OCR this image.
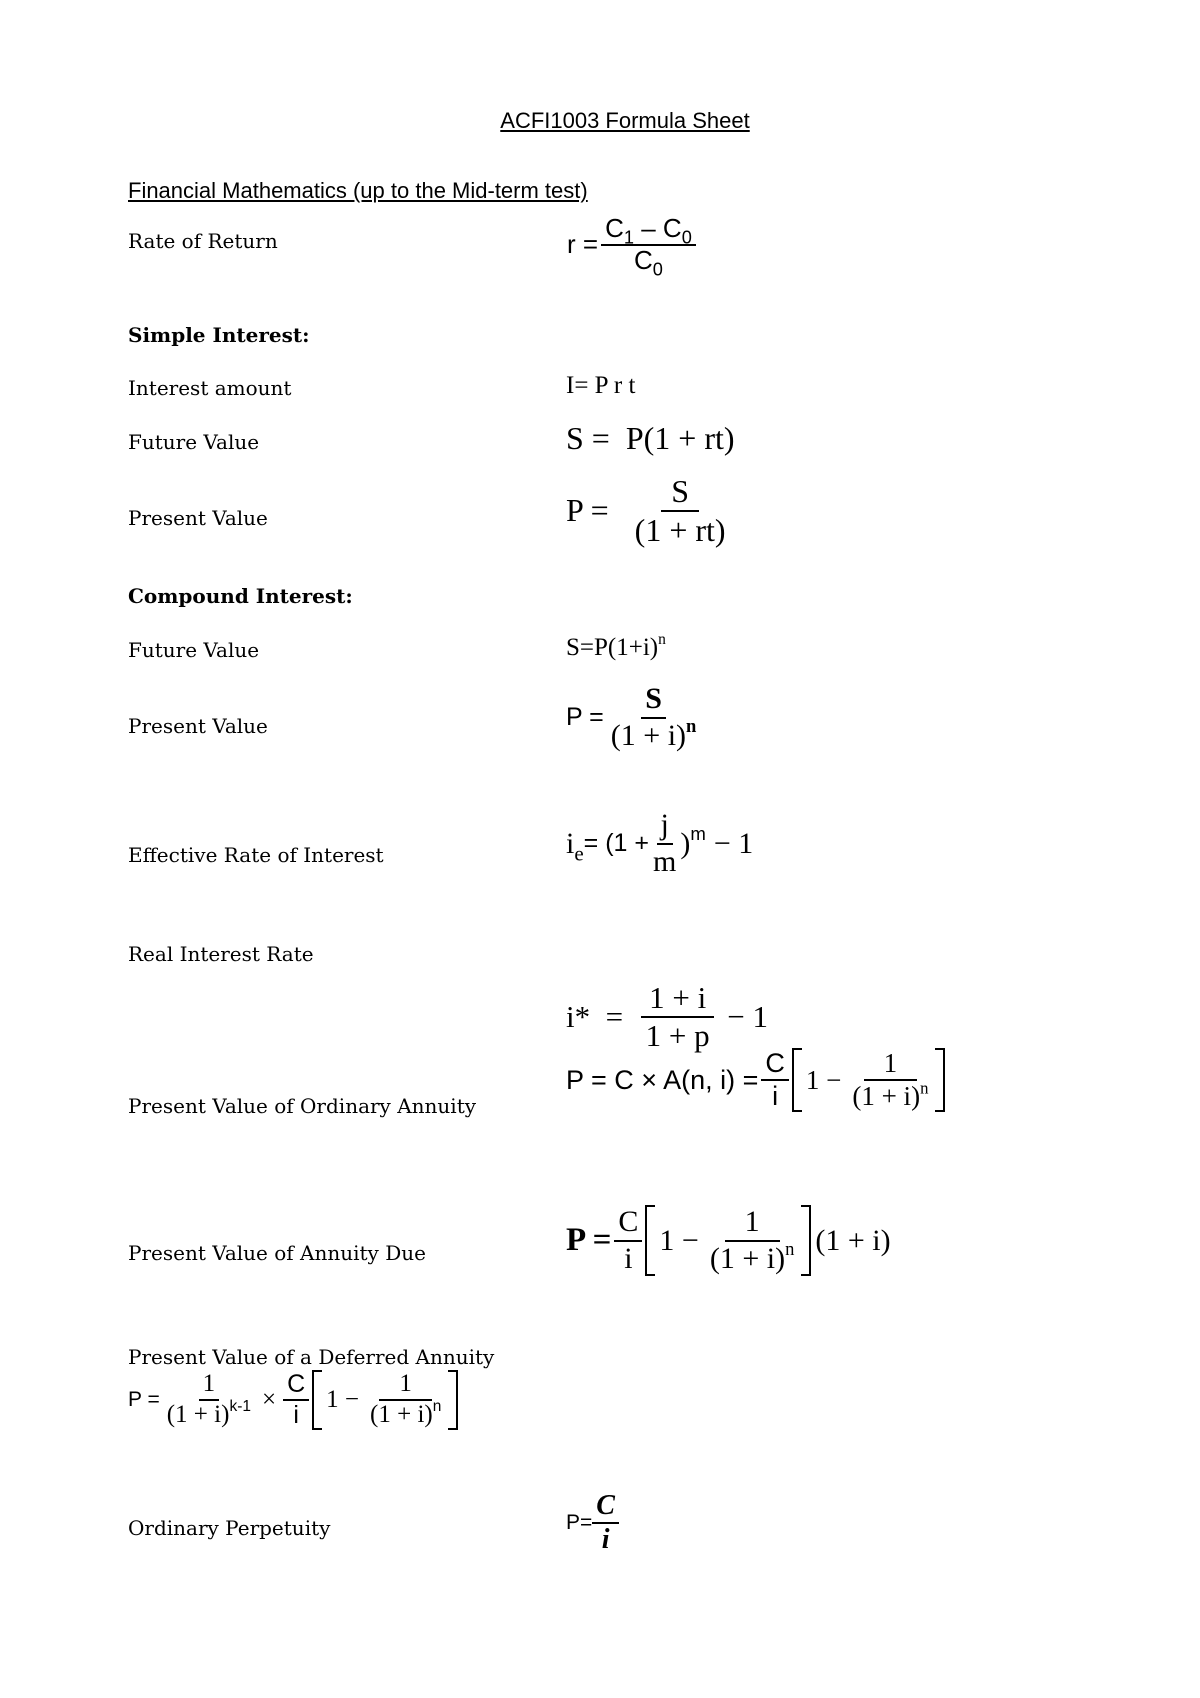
ACFI1003 Formula Sheet
Financial Mathematics (up to the Mid-term test)
Rate of Return	$r = \frac{C_1 - C_0}{C_0}$
Simple Interest:
Interest amount	I= P r t
Future Value	S =  P(1 + rt)
Present Value	$P = \frac{S}{(1 + rt)}$
Compound Interest:
Future Value	$S=P(1+i)^n$
Present Value	$P = \frac{S}{(1 + i)^n}$
Effective Rate of Interest	$i_e = (1 + \frac{j}{m} )^m - 1$
Real Interest Rate

$i* = \frac{1 + i}{1 + p} - 1$

Present Value of Ordinary Annuity
P = C × A(n, $i) = \frac{C}{i} 1 - \frac{1}{(1 + i)^n}$
Present Value of Annuity Due	$P = \frac{C}{i} 1 - \frac{1}{(1 + i)^n} (1 + i)$
Present Value of a Deferred Annuity
$P = \frac{1}{(1 + i)^{k-1}} \times \frac{C}{i} 1 - \frac{1}{(1 + i)^n}$
Ordinary Perpetuity	$P= \frac{C}{i}$
